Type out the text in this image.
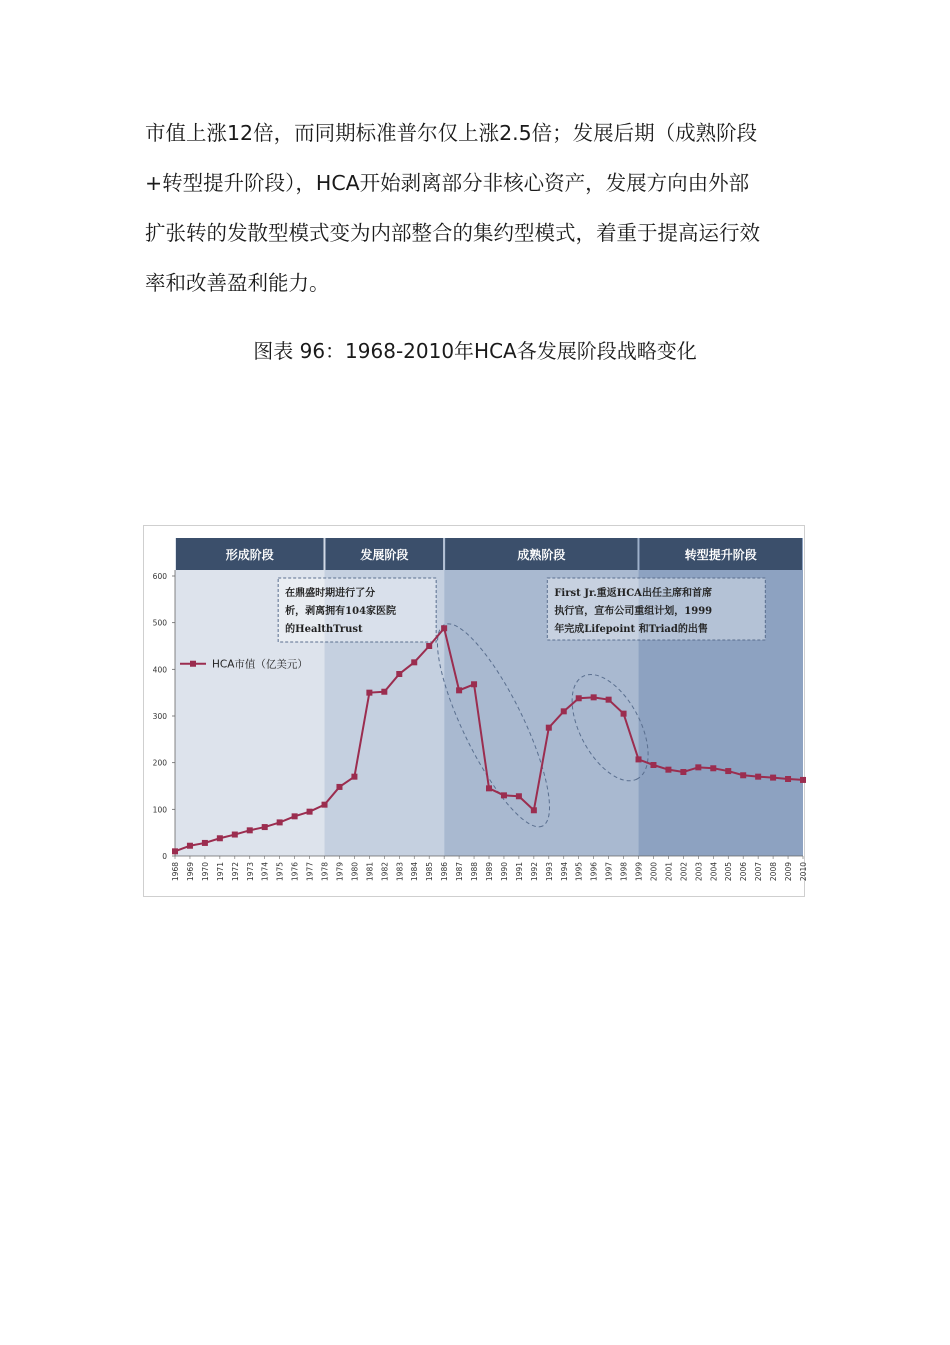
市值上涨12倍，而同期标准普尔仅上涨2.5倍；发展后期（成熟阶段
+转型提升阶段），HCA开始剥离部分非核心资产，发展方向由外部
扩张转的发散型模式变为内部整合的集约型模式，着重于提高运行效
率和改善盈利能力。

图表 96：1968-2010年HCA各发展阶段战略变化
形成阶段	发展阶段	成熟阶段	转型提升阶段
0
100
200
300
400
500
600
1968 1969 1970 1971 1972 1973 1974 1975 1976 1977 1978 1979 1980 1981 1982 1983 1984 1985 1986 1987 1988 1989 1990 1991 1992 1993 1994 1995 1996 1997 1998 1999 2000 2001 2002 2003 2004 2005 2006 2007 2008 2009 2010
在鼎盛时期进行了分
析，剥离拥有104家医院
的HealthTrust
First Jr.重返HCA出任主席和首席
执行官，宣布公司重组计划，1999
年完成Lifepoint 和Triad的出售
HCA市值（亿美元）
